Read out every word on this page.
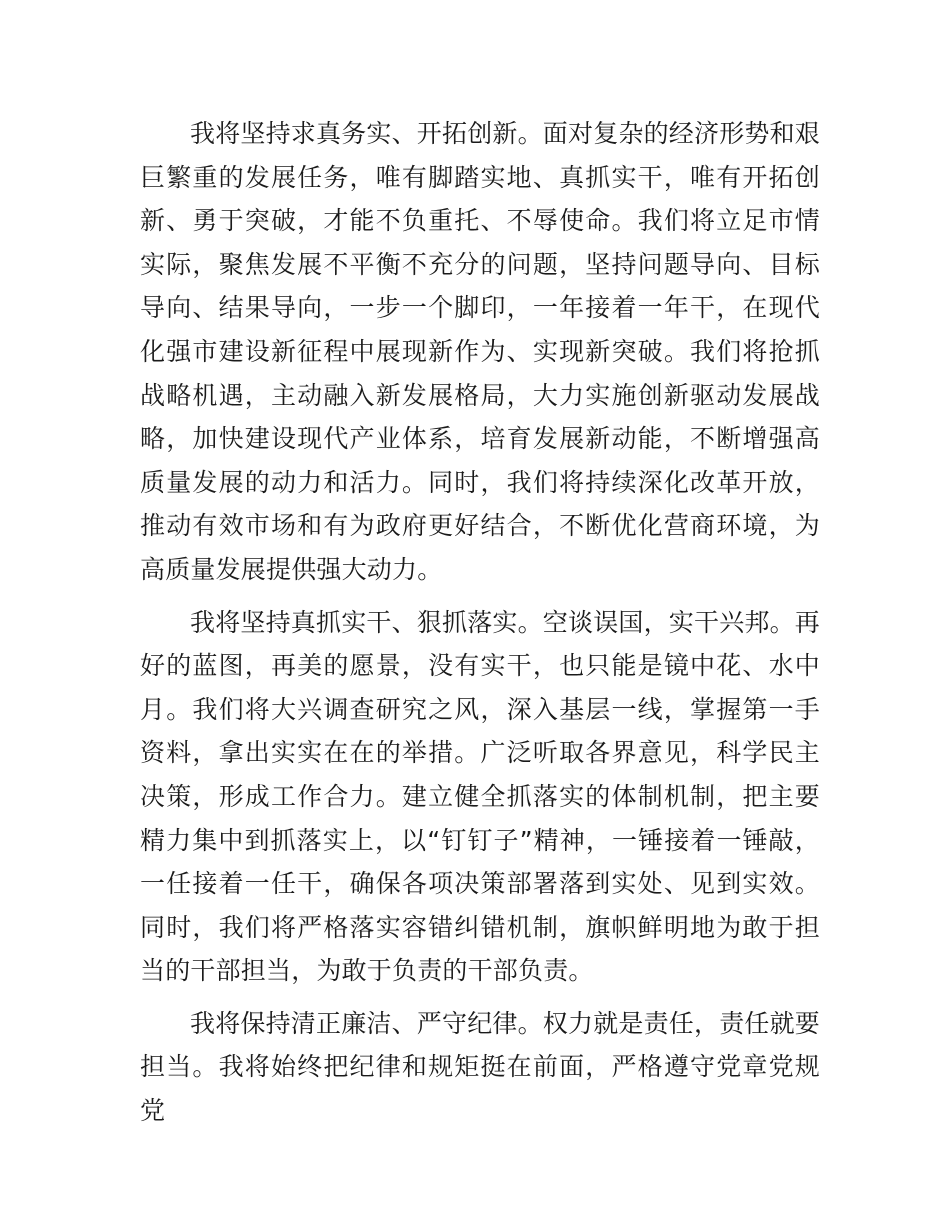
我将坚持求真务实、开拓创新。面对复杂的经济形势和艰巨繁重的发展任务，唯有脚踏实地、真抓实干，唯有开拓创新、勇于突破，才能不负重托、不辱使命。我们将立足市情实际，聚焦发展不平衡不充分的问题，坚持问题导向、目标导向、结果导向，一步一个脚印，一年接着一年干，在现代化强市建设新征程中展现新作为、实现新突破。我们将抢抓战略机遇，主动融入新发展格局，大力实施创新驱动发展战略，加快建设现代产业体系，培育发展新动能，不断增强高质量发展的动力和活力。同时，我们将持续深化改革开放，推动有效市场和有为政府更好结合，不断优化营商环境，为高质量发展提供强大动力。

我将坚持真抓实干、狠抓落实。空谈误国，实干兴邦。再好的蓝图，再美的愿景，没有实干，也只能是镜中花、水中月。我们将大兴调查研究之风，深入基层一线，掌握第一手资料，拿出实实在在的举措。广泛听取各界意见，科学民主决策，形成工作合力。建立健全抓落实的体制机制，把主要精力集中到抓落实上，以“钉钉子”精神，一锤接着一锤敲，一任接着一任干，确保各项决策部署落到实处、见到实效。同时，我们将严格落实容错纠错机制，旗帜鲜明地为敢于担当的干部担当，为敢于负责的干部负责。

我将保持清正廉洁、严守纪律。权力就是责任，责任就要担当。我将始终把纪律和规矩挺在前面，严格遵守党章党规党
